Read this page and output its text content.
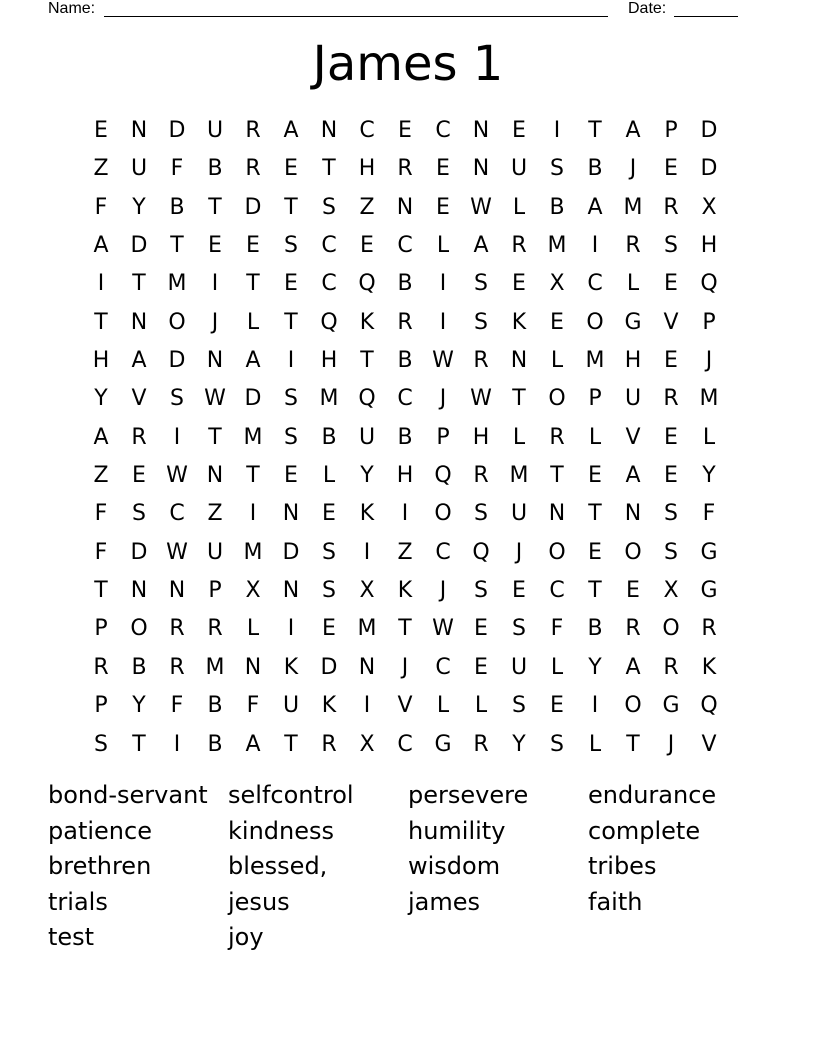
Name:	Date:
James 1
E	N D U	R	A	N	C	E	C	N	E	I	T	A	P	D
Z	U	F	B	R	E	T	H	R	E	N U	S	B	J	E	D
F	Y	B	T	D	T	S	Z	N	E W L	B	A M R	X
A D	T	E	E	S	C	E	C	L	A	R M	I	R	S	H
I	T M	I	T	E	C Q B	I	S	E	X	C	L	E	Q
T	N O	J	L	T	Q	K	R	I	S	K	E	O G V	P
H	A D N	A	I	H	T	B W R	N	L	M H	E	J
Y	V	S W D	S M Q C	J	W T	O	P	U	R M
A	R	I	T M S	B	U	B	P	H	L	R	L	V	E	L
Z	E W N	T	E	L	Y	H Q R M T	E	A	E	Y
F	S	C	Z	I	N	E	K	I	O	S	U N	T	N	S	F
F	D W U M D	S	I	Z	C Q	J	O	E	O	S	G
T	N N	P	X	N	S	X	K	J	S	E	C	T	E	X G
P	O R	R	L	I	E M T W E	S	F	B	R O R
R	B	R M N	K	D N	J	C	E	U	L	Y	A	R	K
P	Y	F	B	F	U	K	I	V	L	L	S	E	I	O G Q
S	T	I	B	A	T	R	X	C G R	Y	S	L	T	J	V
bond-servant selfcontrol	persevere	endurance
patience	kindness	humility	complete
brethren	blessed,	wisdom	tribes
trials	jesus	james	faith
test	joy
